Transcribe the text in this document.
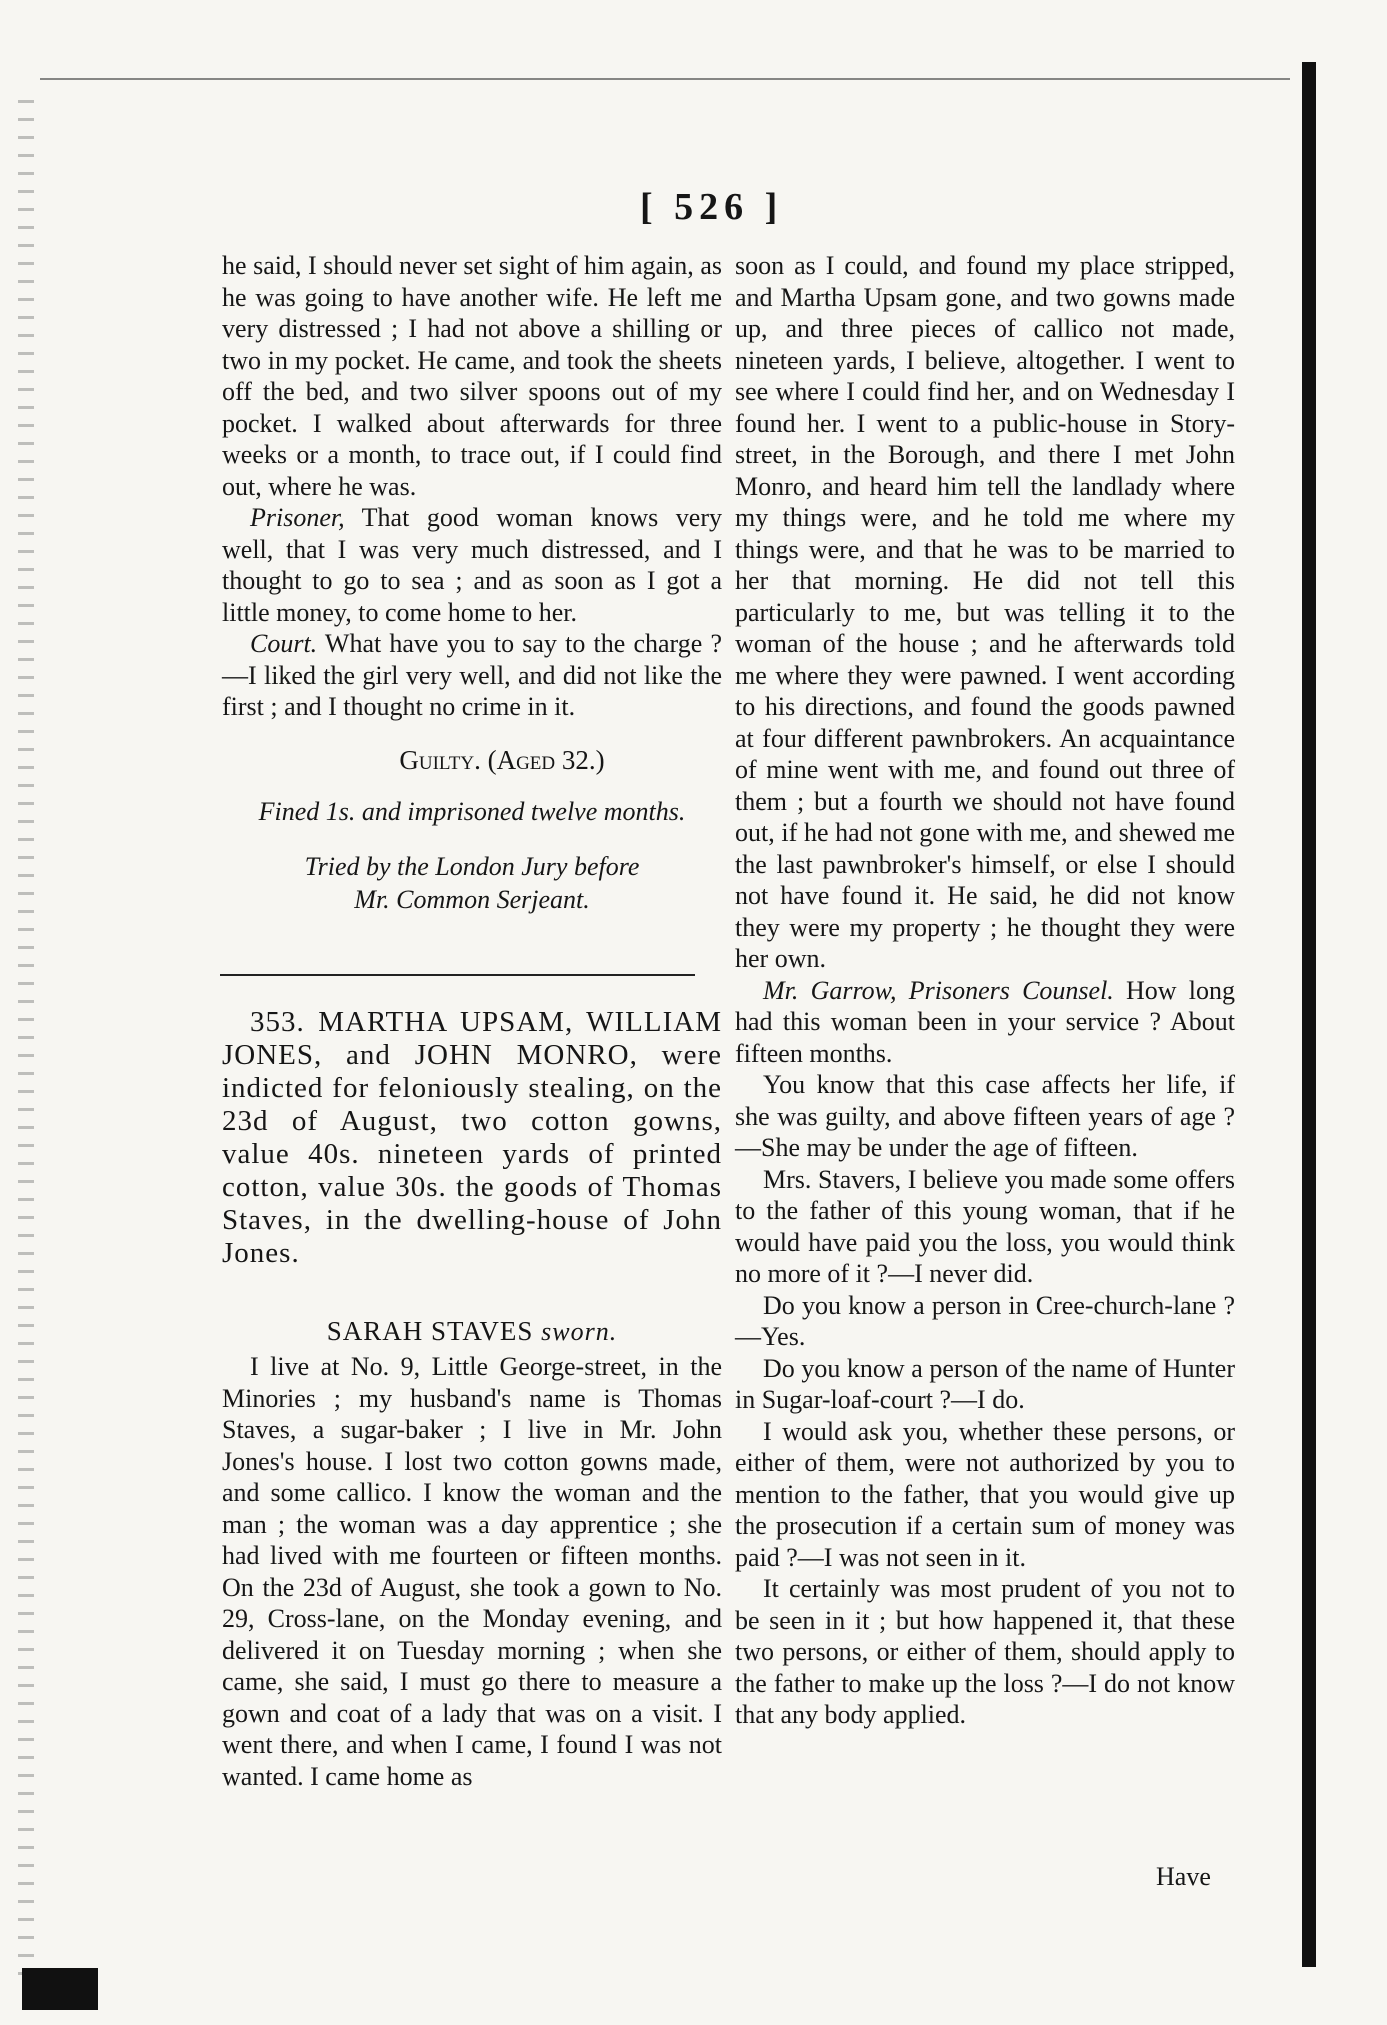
[ 526 ]

he said, I should never set sight of him again, as he was going to have another wife. He left me very distressed ; I had not above a shilling or two in my pocket. He came, and took the sheets off the bed, and two silver spoons out of my pocket. I walked about afterwards for three weeks or a month, to trace out, if I could find out, where he was.

Prisoner, That good woman knows very well, that I was very much distressed, and I thought to go to sea ; and as soon as I got a little money, to come home to her.

Court. What have you to say to the charge ?—I liked the girl very well, and did not like the first ; and I thought no crime in it.

Guilty. (Aged 32.)
Fined 1s. and imprisoned twelve months.
Tried by the London Jury before
Mr. Common Serjeant.

353. MARTHA UPSAM, WILLIAM JONES, and JOHN MONRO, were indicted for feloniously stealing, on the 23d of August, two cotton gowns, value 40s. nineteen yards of printed cotton, value 30s. the goods of Thomas Staves, in the dwelling-house of John Jones.

SARAH STAVES sworn.

I live at No. 9, Little George-street, in the Minories ; my husband's name is Thomas Staves, a sugar-baker ; I live in Mr. John Jones's house. I lost two cotton gowns made, and some callico. I know the woman and the man ; the woman was a day apprentice ; she had lived with me fourteen or fifteen months. On the 23d of August, she took a gown to No. 29, Cross-lane, on the Monday evening, and delivered it on Tuesday morning ; when she came, she said, I must go there to measure a gown and coat of a lady that was on a visit. I went there, and when I came, I found I was not wanted. I came home as

soon as I could, and found my place stripped, and Martha Upsam gone, and two gowns made up, and three pieces of callico not made, nineteen yards, I believe, altogether. I went to see where I could find her, and on Wednesday I found her. I went to a public-house in Story-street, in the Borough, and there I met John Monro, and heard him tell the landlady where my things were, and he told me where my things were, and that he was to be married to her that morning. He did not tell this particularly to me, but was telling it to the woman of the house ; and he afterwards told me where they were pawned. I went according to his directions, and found the goods pawned at four different pawnbrokers. An acquaintance of mine went with me, and found out three of them ; but a fourth we should not have found out, if he had not gone with me, and shewed me the last pawnbroker's himself, or else I should not have found it. He said, he did not know they were my property ; he thought they were her own.

Mr. Garrow, Prisoners Counsel. How long had this woman been in your service ? About fifteen months.

You know that this case affects her life, if she was guilty, and above fifteen years of age ?—She may be under the age of fifteen.

Mrs. Stavers, I believe you made some offers to the father of this young woman, that if he would have paid you the loss, you would think no more of it ?—I never did.

Do you know a person in Cree-church-lane ?—Yes.

Do you know a person of the name of Hunter in Sugar-loaf-court ?—I do.

I would ask you, whether these persons, or either of them, were not authorized by you to mention to the father, that you would give up the prosecution if a certain sum of money was paid ?—I was not seen in it.

It certainly was most prudent of you not to be seen in it ; but how happened it, that these two persons, or either of them, should apply to the father to make up the loss ?—I do not know that any body applied.

Have
